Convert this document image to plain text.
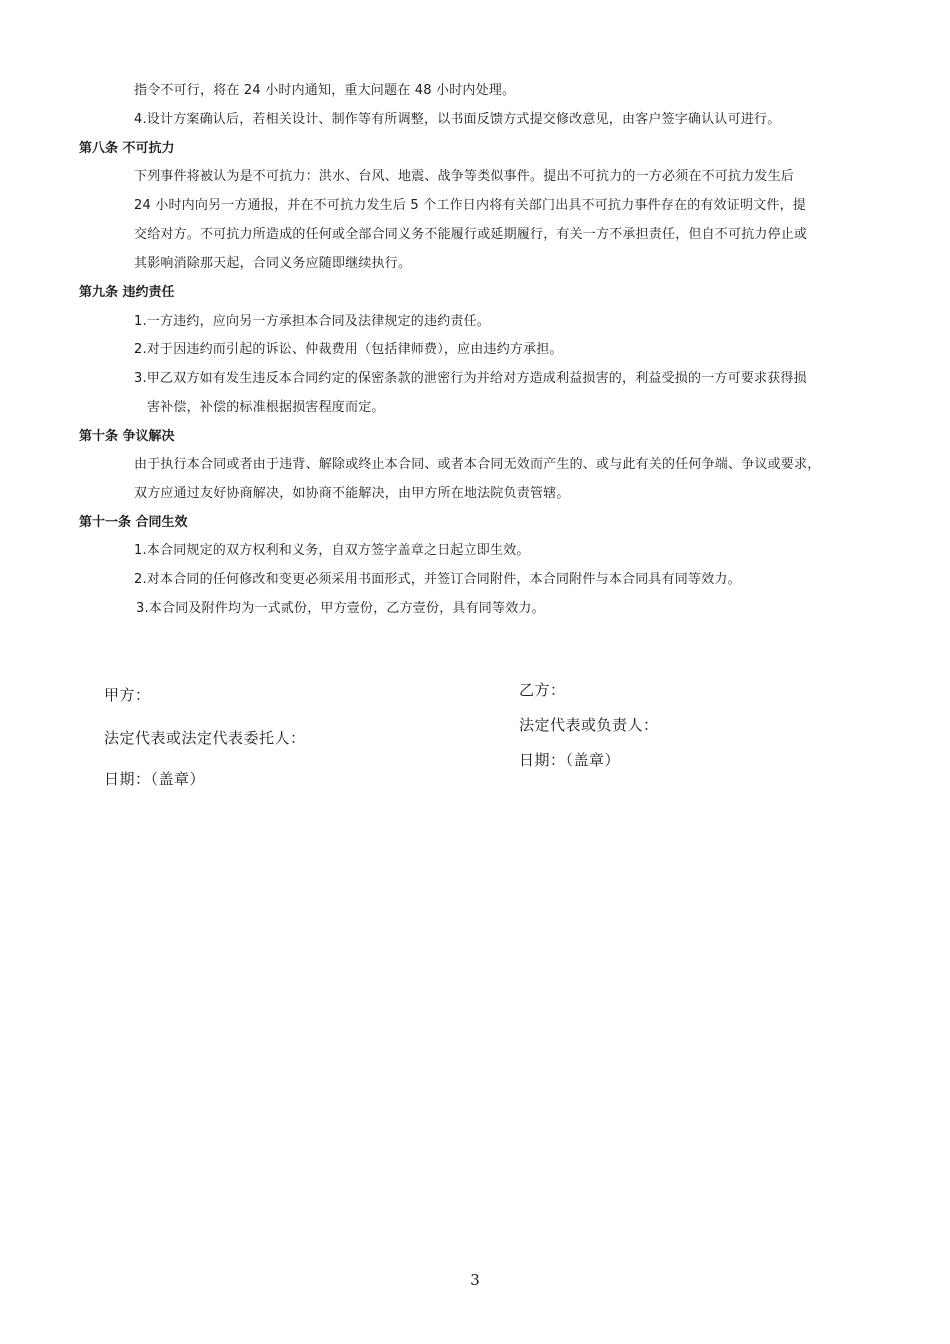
指令不可行，将在 24 小时内通知，重大问题在 48 小时内处理。
4.设计方案确认后，若相关设计、制作等有所调整，以书面反馈方式提交修改意见，由客户签字确认认可进行。
第八条 不可抗力
下列事件将被认为是不可抗力：洪水、台风、地震、战争等类似事件。提出不可抗力的一方必须在不可抗力发生后
24 小时内向另一方通报，并在不可抗力发生后 5 个工作日内将有关部门出具不可抗力事件存在的有效证明文件，提
交给对方。不可抗力所造成的任何或全部合同义务不能履行或延期履行，有关一方不承担责任，但自不可抗力停止或
其影响消除那天起，合同义务应随即继续执行。
第九条 违约责任
1.一方违约，应向另一方承担本合同及法律规定的违约责任。
2.对于因违约而引起的诉讼、仲裁费用（包括律师费），应由违约方承担。
3.甲乙双方如有发生违反本合同约定的保密条款的泄密行为并给对方造成利益损害的，利益受损的一方可要求获得损
害补偿，补偿的标准根据损害程度而定。
第十条 争议解决
由于执行本合同或者由于违背、解除或终止本合同、或者本合同无效而产生的、或与此有关的任何争端、争议或要求，
双方应通过友好协商解决，如协商不能解决，由甲方所在地法院负责管辖。
第十一条 合同生效
1.本合同规定的双方权利和义务，自双方签字盖章之日起立即生效。
2.对本合同的任何修改和变更必须采用书面形式，并签订合同附件，本合同附件与本合同具有同等效力。
3.本合同及附件均为一式贰份，甲方壹份，乙方壹份，具有同等效力。
甲方：
法定代表或法定代表委托人：
日期：（盖章）
乙方：
法定代表或负责人：
日期：（盖章）
3
